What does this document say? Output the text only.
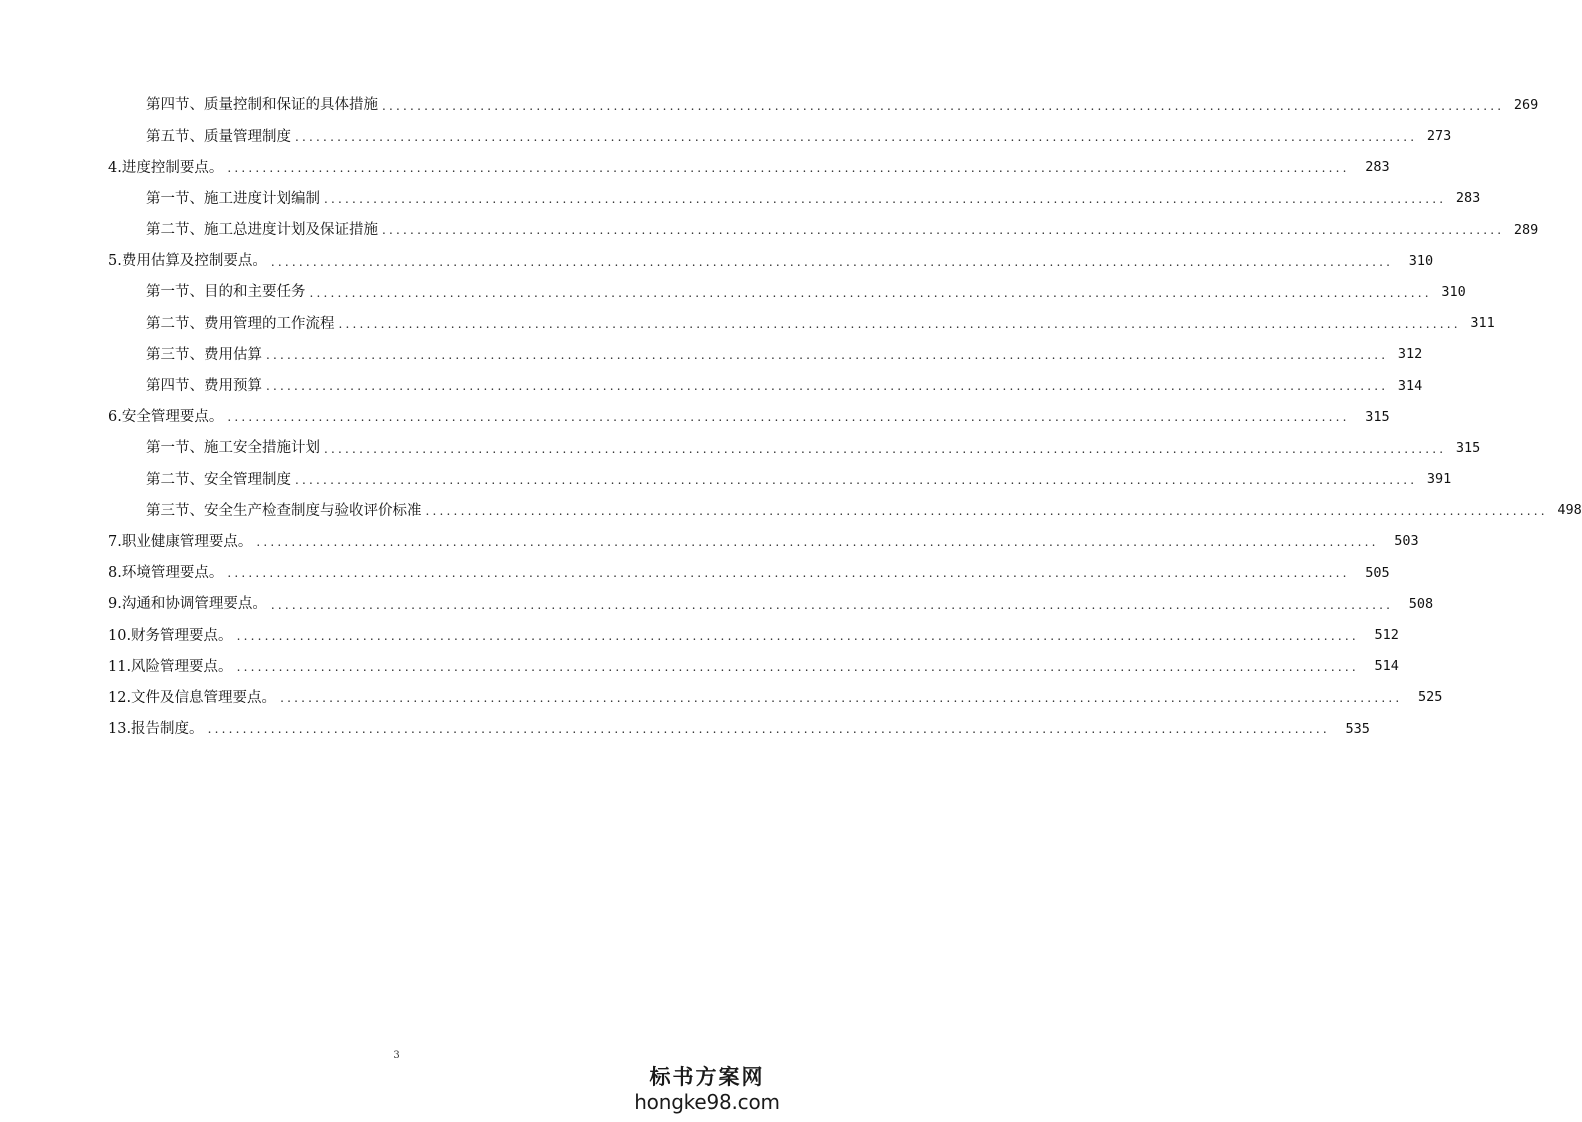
第四节、质量控制和保证的具体措施 ................................................................................................................................................................ 269
第五节、质量管理制度 ................................................................................................................................................................ 273
4.进度控制要点。 ................................................................................................................................................................	283
第一节、施工进度计划编制 ................................................................................................................................................................ 283
第二节、施工总进度计划及保证措施 ................................................................................................................................................................ 289
5.费用估算及控制要点。 ................................................................................................................................................................	310
第一节、目的和主要任务 ................................................................................................................................................................ 310
第二节、费用管理的工作流程 ................................................................................................................................................................ 311
第三节、费用估算 ................................................................................................................................................................ 312
第四节、费用预算 ................................................................................................................................................................ 314
6.安全管理要点。 ................................................................................................................................................................	315
第一节、施工安全措施计划 ................................................................................................................................................................ 315
第二节、安全管理制度 ................................................................................................................................................................ 391
第三节、安全生产检查制度与验收评价标准 ................................................................................................................................................................ 498
7.职业健康管理要点。 ................................................................................................................................................................	503
8.环境管理要点。 ................................................................................................................................................................	505
9.沟通和协调管理要点。 ................................................................................................................................................................	508
10.财务管理要点。 ................................................................................................................................................................	512
11.风险管理要点。 ................................................................................................................................................................	514
12.文件及信息管理要点。 ................................................................................................................................................................	525
13.报告制度。 ................................................................................................................................................................	535
3
标书方案网
hongke98.com
